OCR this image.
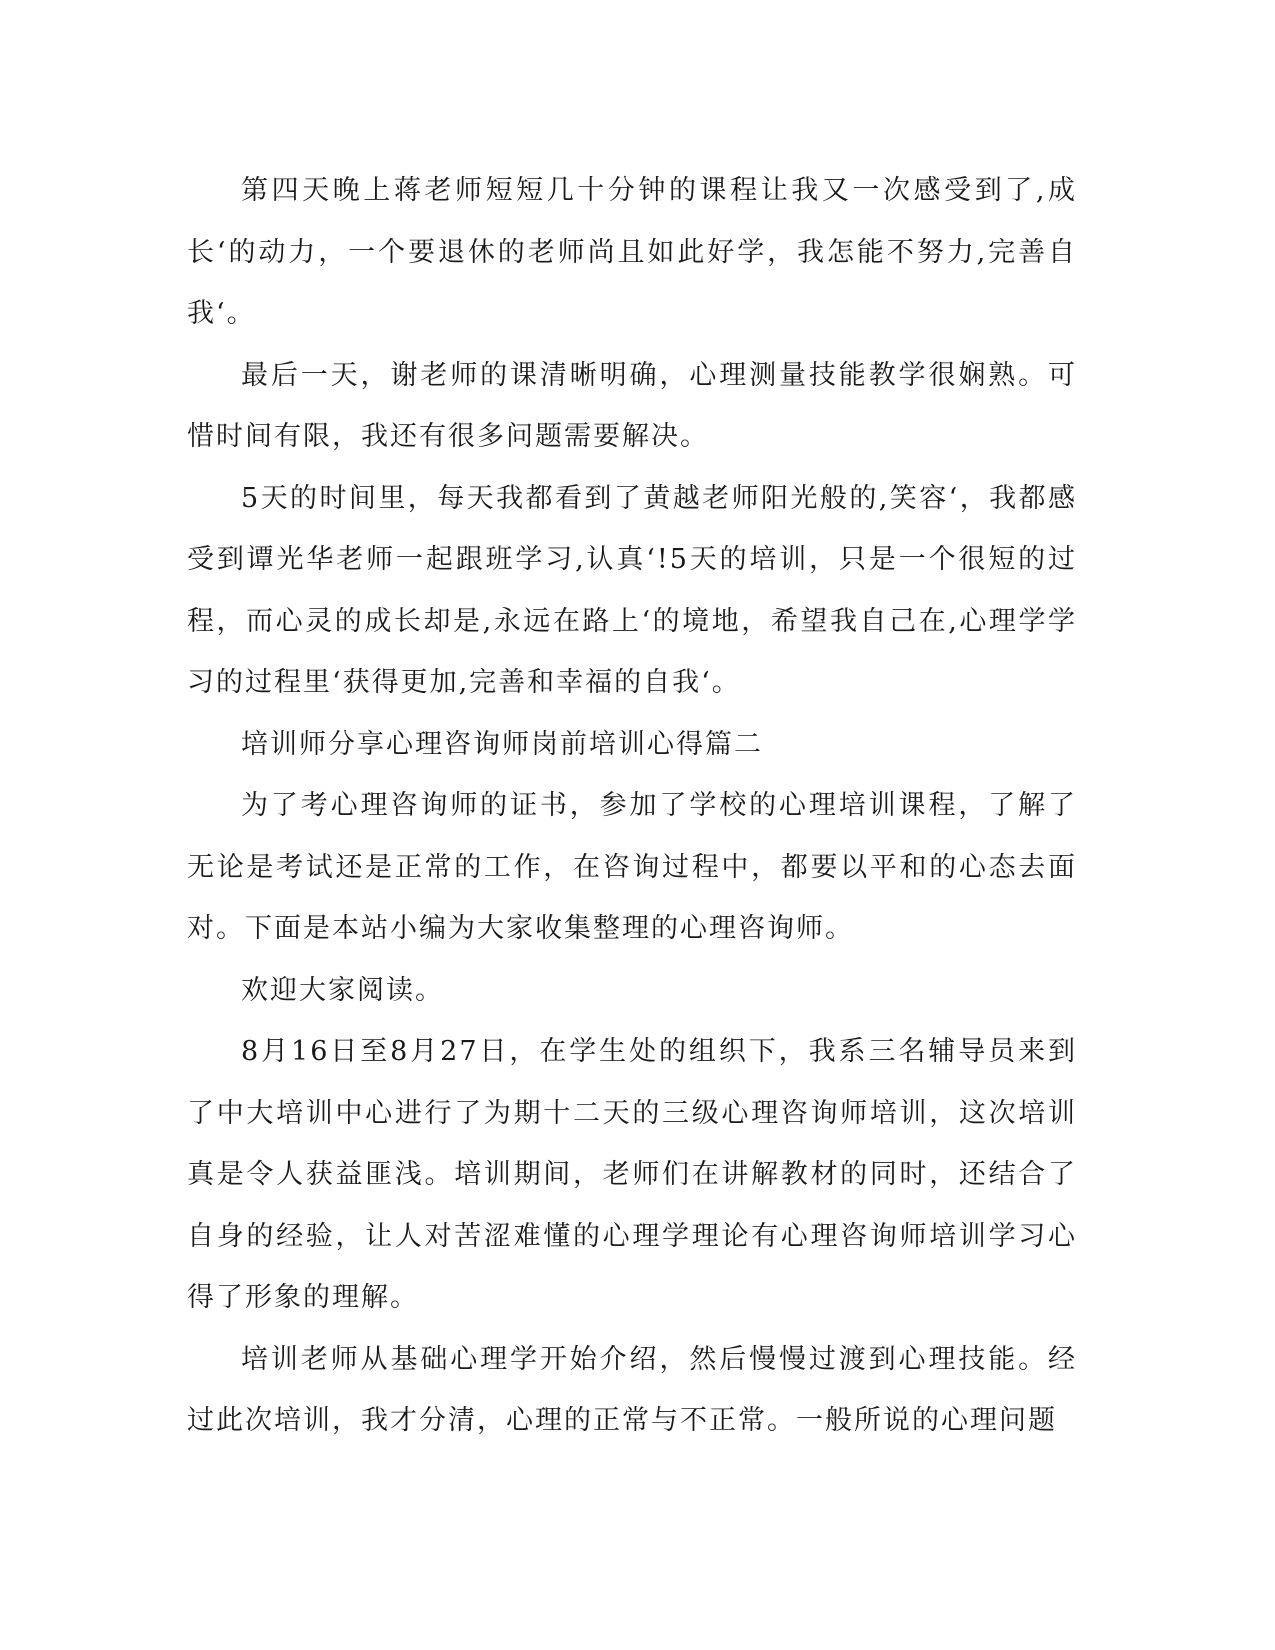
第四天晚上蒋老师短短几十分钟的课程让我又一次感受到了,成长‘的动力，一个要退休的老师尚且如此好学，我怎能不努力,完善自我‘。

最后一天，谢老师的课清晰明确，心理测量技能教学很娴熟。可惜时间有限，我还有很多问题需要解决。

5天的时间里，每天我都看到了黄越老师阳光般的,笑容‘，我都感受到谭光华老师一起跟班学习,认真‘!5天的培训，只是一个很短的过程，而心灵的成长却是,永远在路上‘的境地，希望我自己在,心理学学习的过程里‘获得更加,完善和幸福的自我‘。

培训师分享心理咨询师岗前培训心得篇二

为了考心理咨询师的证书，参加了学校的心理培训课程，了解了无论是考试还是正常的工作，在咨询过程中，都要以平和的心态去面对。下面是本站小编为大家收集整理的心理咨询师。

欢迎大家阅读。

8月16日至8月27日，在学生处的组织下，我系三名辅导员来到了中大培训中心进行了为期十二天的三级心理咨询师培训，这次培训真是令人获益匪浅。培训期间，老师们在讲解教材的同时，还结合了自身的经验，让人对苦涩难懂的心理学理论有心理咨询师培训学习心得了形象的理解。

培训老师从基础心理学开始介绍，然后慢慢过渡到心理技能。经过此次培训，我才分清，心理的正常与不正常。一般所说的心理问题
